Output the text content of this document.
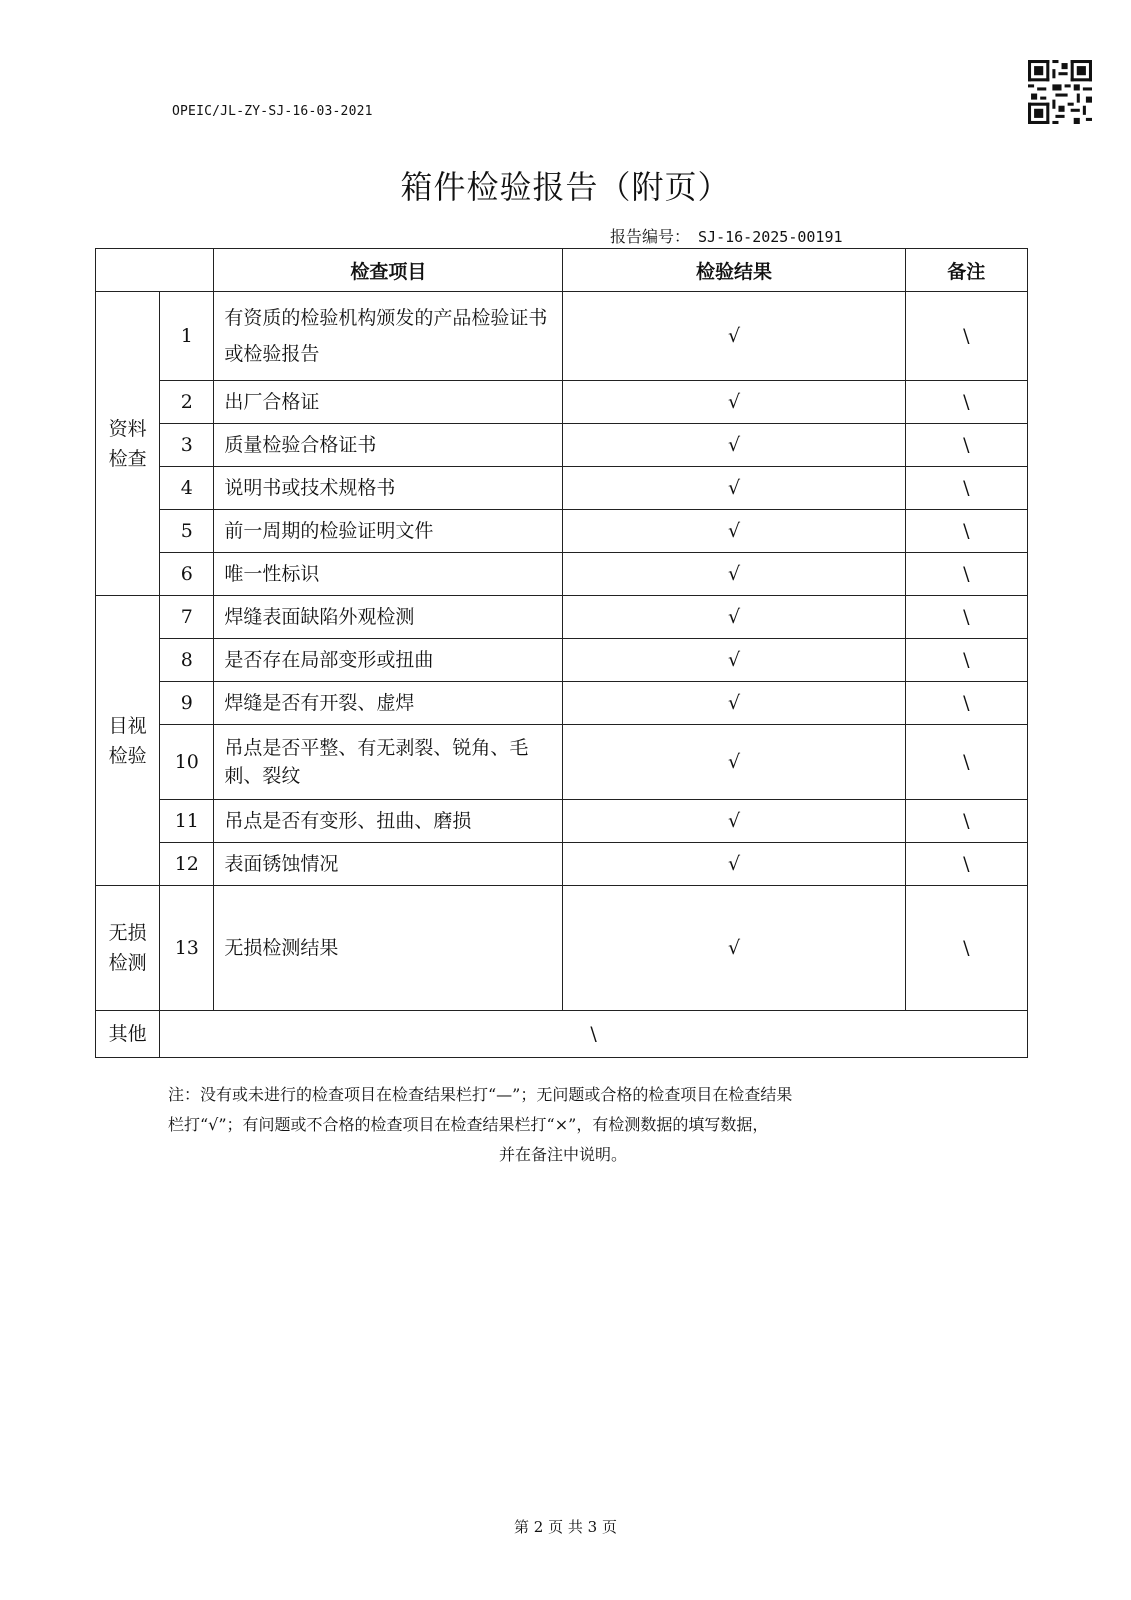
OPEIC/JL-ZY-SJ-16-03-2021
箱件检验报告（附页）
报告编号： SJ-16-2025-00191
		检查项目	检验结果	备注

资料检查	1	有资质的检验机构颁发的产品检验证书或检验报告	√	\
	2	出厂合格证	√	\
	3	质量检验合格证书	√	\
	4	说明书或技术规格书	√	\
	5	前一周期的检验证明文件	√	\
	6	唯一性标识	√	\

目视检验	7	焊缝表面缺陷外观检测	√	\
	8	是否存在局部变形或扭曲	√	\
	9	焊缝是否有开裂、虚焊	√	\
	10	吊点是否平整、有无剥裂、锐角、毛刺、裂纹	√	\
	11	吊点是否有变形、扭曲、磨损	√	\
	12	表面锈蚀情况	√	\

无损检测	13	无损检测结果	√	\
其他	\			
注：没有或未进行的检查项目在检查结果栏打“—”；无问题或合格的检查项目在检查结果
栏打“√”；有问题或不合格的检查项目在检查结果栏打“×”，有检测数据的填写数据，

并在备注中说明。
第 2 页 共 3 页
